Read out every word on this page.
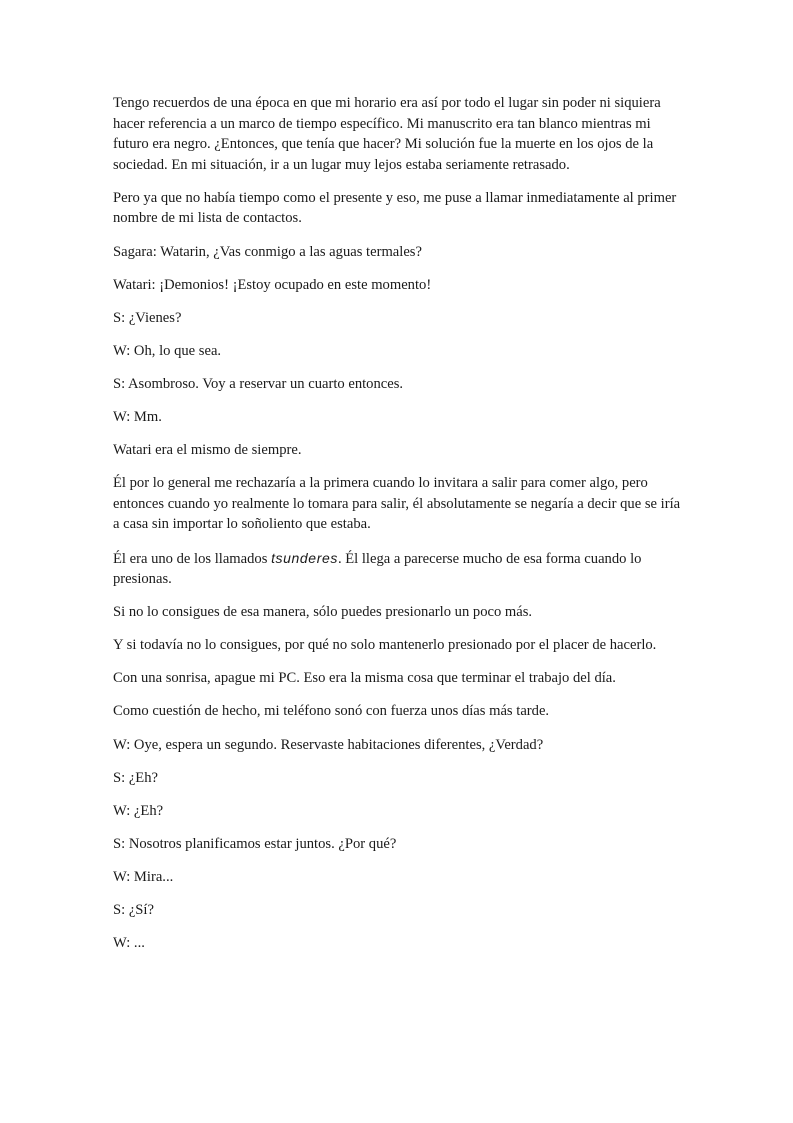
Tengo recuerdos de una época en que mi horario era así por todo el lugar sin poder ni siquiera hacer referencia a un marco de tiempo específico. Mi manuscrito era tan blanco mientras mi futuro era negro. ¿Entonces, que tenía que hacer? Mi solución fue la muerte en los ojos de la sociedad. En mi situación, ir a un lugar muy lejos estaba seriamente retrasado.

Pero ya que no había tiempo como el presente y eso, me puse a llamar inmediatamente al primer nombre de mi lista de contactos.

Sagara: Watarin, ¿Vas conmigo a las aguas termales?

Watari: ¡Demonios! ¡Estoy ocupado en este momento!

S: ¿Vienes?

W: Oh, lo que sea.

S: Asombroso. Voy a reservar un cuarto entonces.

W: Mm.

Watari era el mismo de siempre.

Él por lo general me rechazaría a la primera cuando lo invitara a salir para comer algo, pero entonces cuando yo realmente lo tomara para salir, él absolutamente se negaría a decir que se iría a casa sin importar lo soñoliento que estaba.

Él era uno de los llamados tsunderes. Él llega a parecerse mucho de esa forma cuando lo presionas.

Si no lo consigues de esa manera, sólo puedes presionarlo un poco más.

Y si todavía no lo consigues, por qué no solo mantenerlo presionado por el placer de hacerlo.

Con una sonrisa, apague mi PC. Eso era la misma cosa que terminar el trabajo del día.

Como cuestión de hecho, mi teléfono sonó con fuerza unos días más tarde.

W: Oye, espera un segundo. Reservaste habitaciones diferentes, ¿Verdad?

S: ¿Eh?

W: ¿Eh?

S: Nosotros planificamos estar juntos. ¿Por qué?

W: Mira...

S: ¿Sí?

W: ...
